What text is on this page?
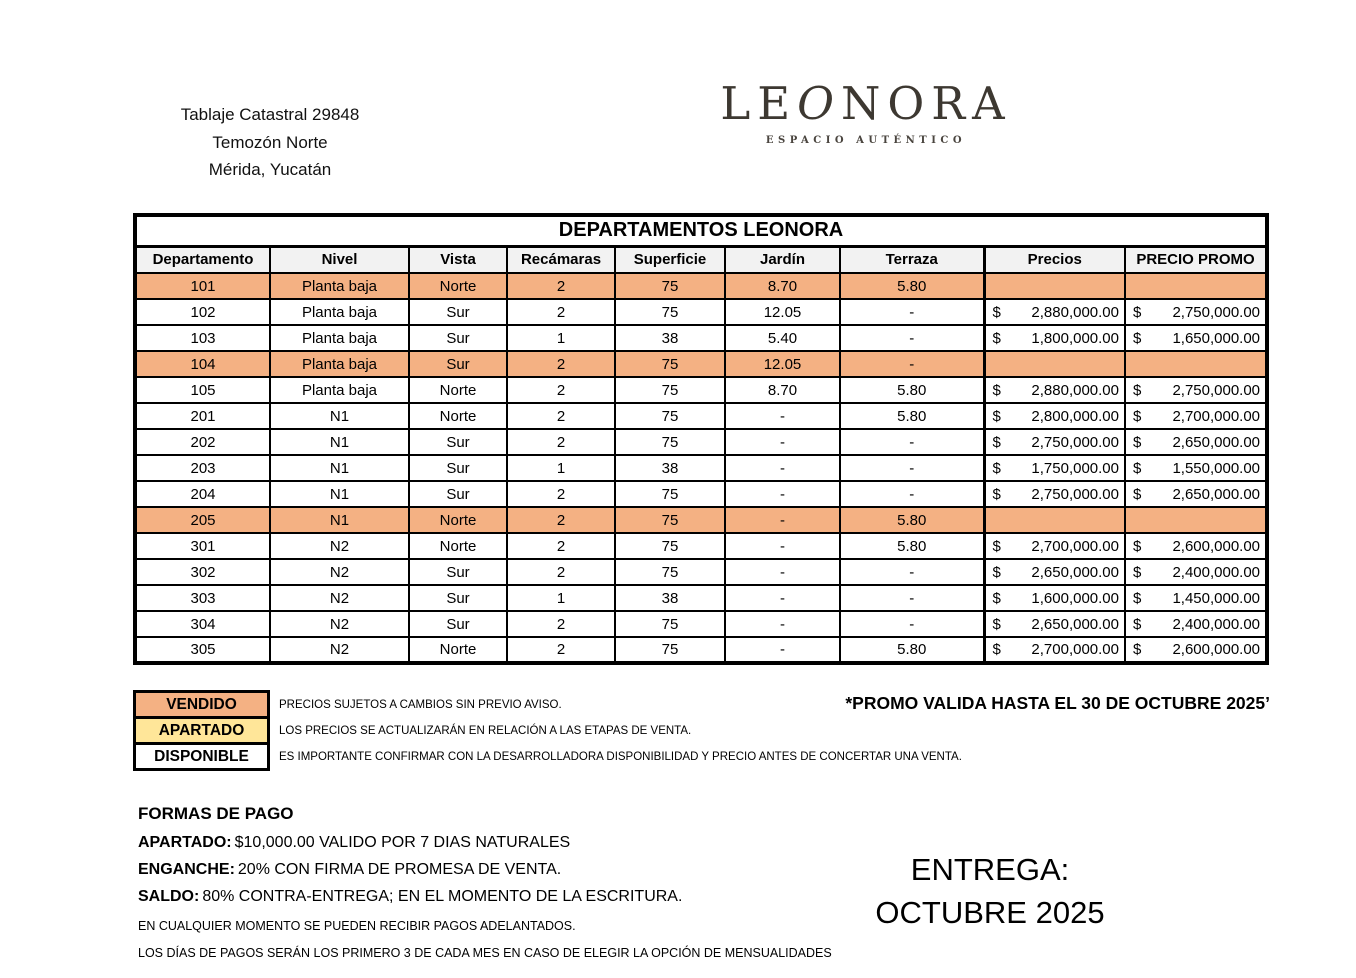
Tablaje Catastral 29848
Temozón Norte
Mérida, Yucatán
LEONORA
ESPACIO AUTÉNTICO
DEPARTAMENTOS LEONORA								
Departamento	Nivel	Vista	Recámaras	Superficie	Jardín	Terraza	Precios	PRECIO PROMO
101	Planta baja	Norte	2	75	8.70	5.80		
102	Planta baja	Sur	2	75	12.05	-	$ 2,880,000.00	$ 2,750,000.00

103	Planta baja	Sur	1	38	5.40	-	$ 1,800,000.00	$ 1,650,000.00

104	Planta baja	Sur	2	75	12.05	-		
105	Planta baja	Norte	2	75	8.70	5.80	$ 2,880,000.00	$ 2,750,000.00

201	N1	Norte	2	75	-	5.80	$ 2,800,000.00	$ 2,700,000.00

202	N1	Sur	2	75	-	-	$ 2,750,000.00	$ 2,650,000.00

203	N1	Sur	1	38	-	-	$ 1,750,000.00	$ 1,550,000.00

204	N1	Sur	2	75	-	-	$ 2,750,000.00	$ 2,650,000.00

205	N1	Norte	2	75	-	5.80		
301	N2	Norte	2	75	-	5.80	$ 2,700,000.00	$ 2,600,000.00

302	N2	Sur	2	75	-	-	$ 2,650,000.00	$ 2,400,000.00

303	N2	Sur	1	38	-	-	$ 1,600,000.00	$ 1,450,000.00

304	N2	Sur	2	75	-	-	$ 2,650,000.00	$ 2,400,000.00

305	N2	Norte	2	75	-	5.80	$ 2,700,000.00	$ 2,600,000.00
VENDIDO	PRECIOS SUJETOS A CAMBIOS SIN PREVIO AVISO.
APARTADO	LOS PRECIOS SE ACTUALIZARÁN EN RELACIÓN A LAS ETAPAS DE VENTA.
DISPONIBLE	ES IMPORTANTE CONFIRMAR CON LA DESARROLLADORA DISPONIBILIDAD Y PRECIO ANTES DE CONCERTAR UNA VENTA.
*PROMO VALIDA HASTA EL 30 DE OCTUBRE 2025’
FORMAS DE PAGO
APARTADO: $10,000.00 VALIDO POR 7 DIAS NATURALES
ENGANCHE: 20% CON FIRMA DE PROMESA DE VENTA.
SALDO: 80% CONTRA-ENTREGA; EN EL MOMENTO DE LA ESCRITURA.
EN CUALQUIER MOMENTO SE PUEDEN RECIBIR PAGOS ADELANTADOS.
LOS DÍAS DE PAGOS SERÁN LOS PRIMERO 3 DE CADA MES EN CASO DE ELEGIR LA OPCIÓN DE MENSUALIDADES
ENTREGA:
OCTUBRE 2025
